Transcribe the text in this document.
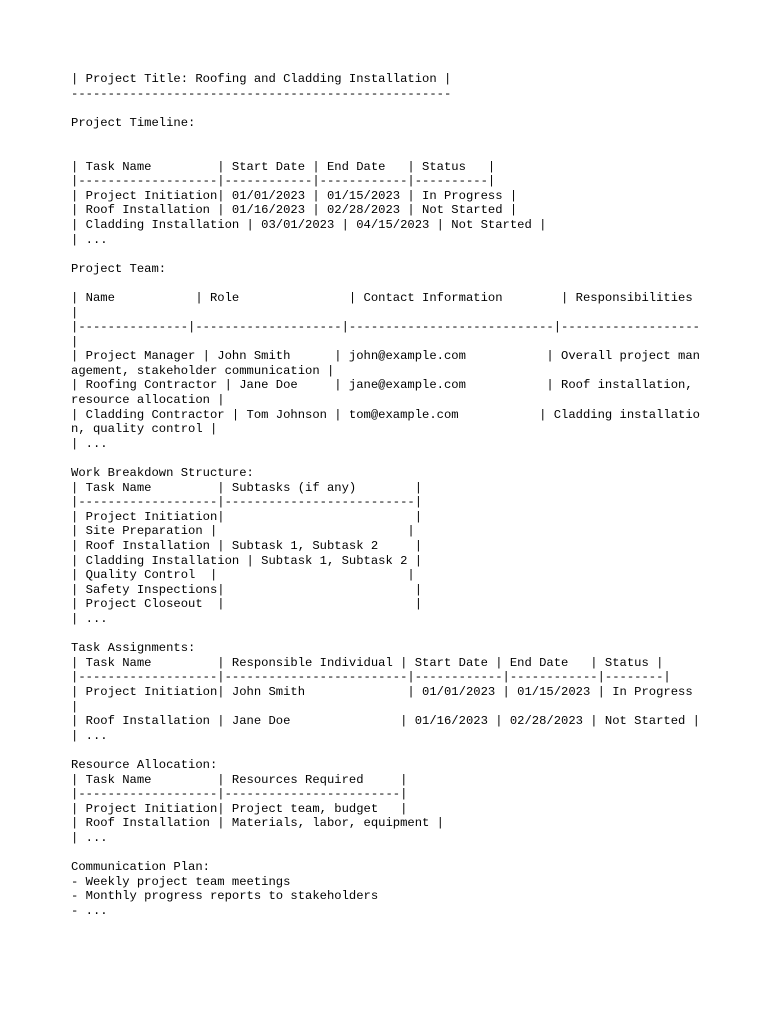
| Project Title: Roofing and Cladding Installation |
----------------------------------------------------
Project Timeline:
| Task Name         | Start Date | End Date   | Status   |
|-------------------|------------|------------|----------|
| Project Initiation| 01/01/2023 | 01/15/2023 | In Progress |
| Roof Installation | 01/16/2023 | 02/28/2023 | Not Started |
| Cladding Installation | 03/01/2023 | 04/15/2023 | Not Started |
| ...
Project Team:
| Name           | Role               | Contact Information        | Responsibilities   |
|---------------|--------------------|----------------------------|-------------------|
| Project Manager | John Smith      | john@example.com           | Overall project management, stakeholder communication |
| Roofing Contractor | Jane Doe     | jane@example.com           | Roof installation, resource allocation |
| Cladding Contractor | Tom Johnson | tom@example.com           | Cladding installation, quality control |
| ...
Work Breakdown Structure:
| Task Name         | Subtasks (if any)        |
|-------------------|--------------------------|
| Project Initiation|                          |
| Site Preparation |                          |
| Roof Installation | Subtask 1, Subtask 2     |
| Cladding Installation | Subtask 1, Subtask 2 |
| Quality Control  |                          |
| Safety Inspections|                          |
| Project Closeout  |                          |
| ...
Task Assignments:
| Task Name         | Responsible Individual | Start Date | End Date   | Status |
|-------------------|-------------------------|------------|------------|--------|
| Project Initiation| John Smith              | 01/01/2023 | 01/15/2023 | In Progress |
| Roof Installation | Jane Doe               | 01/16/2023 | 02/28/2023 | Not Started |
| ...
Resource Allocation:
| Task Name         | Resources Required     |
|-------------------|------------------------|
| Project Initiation| Project team, budget   |
| Roof Installation | Materials, labor, equipment |
| ...
Communication Plan:
- Weekly project team meetings
- Monthly progress reports to stakeholders
- ...
